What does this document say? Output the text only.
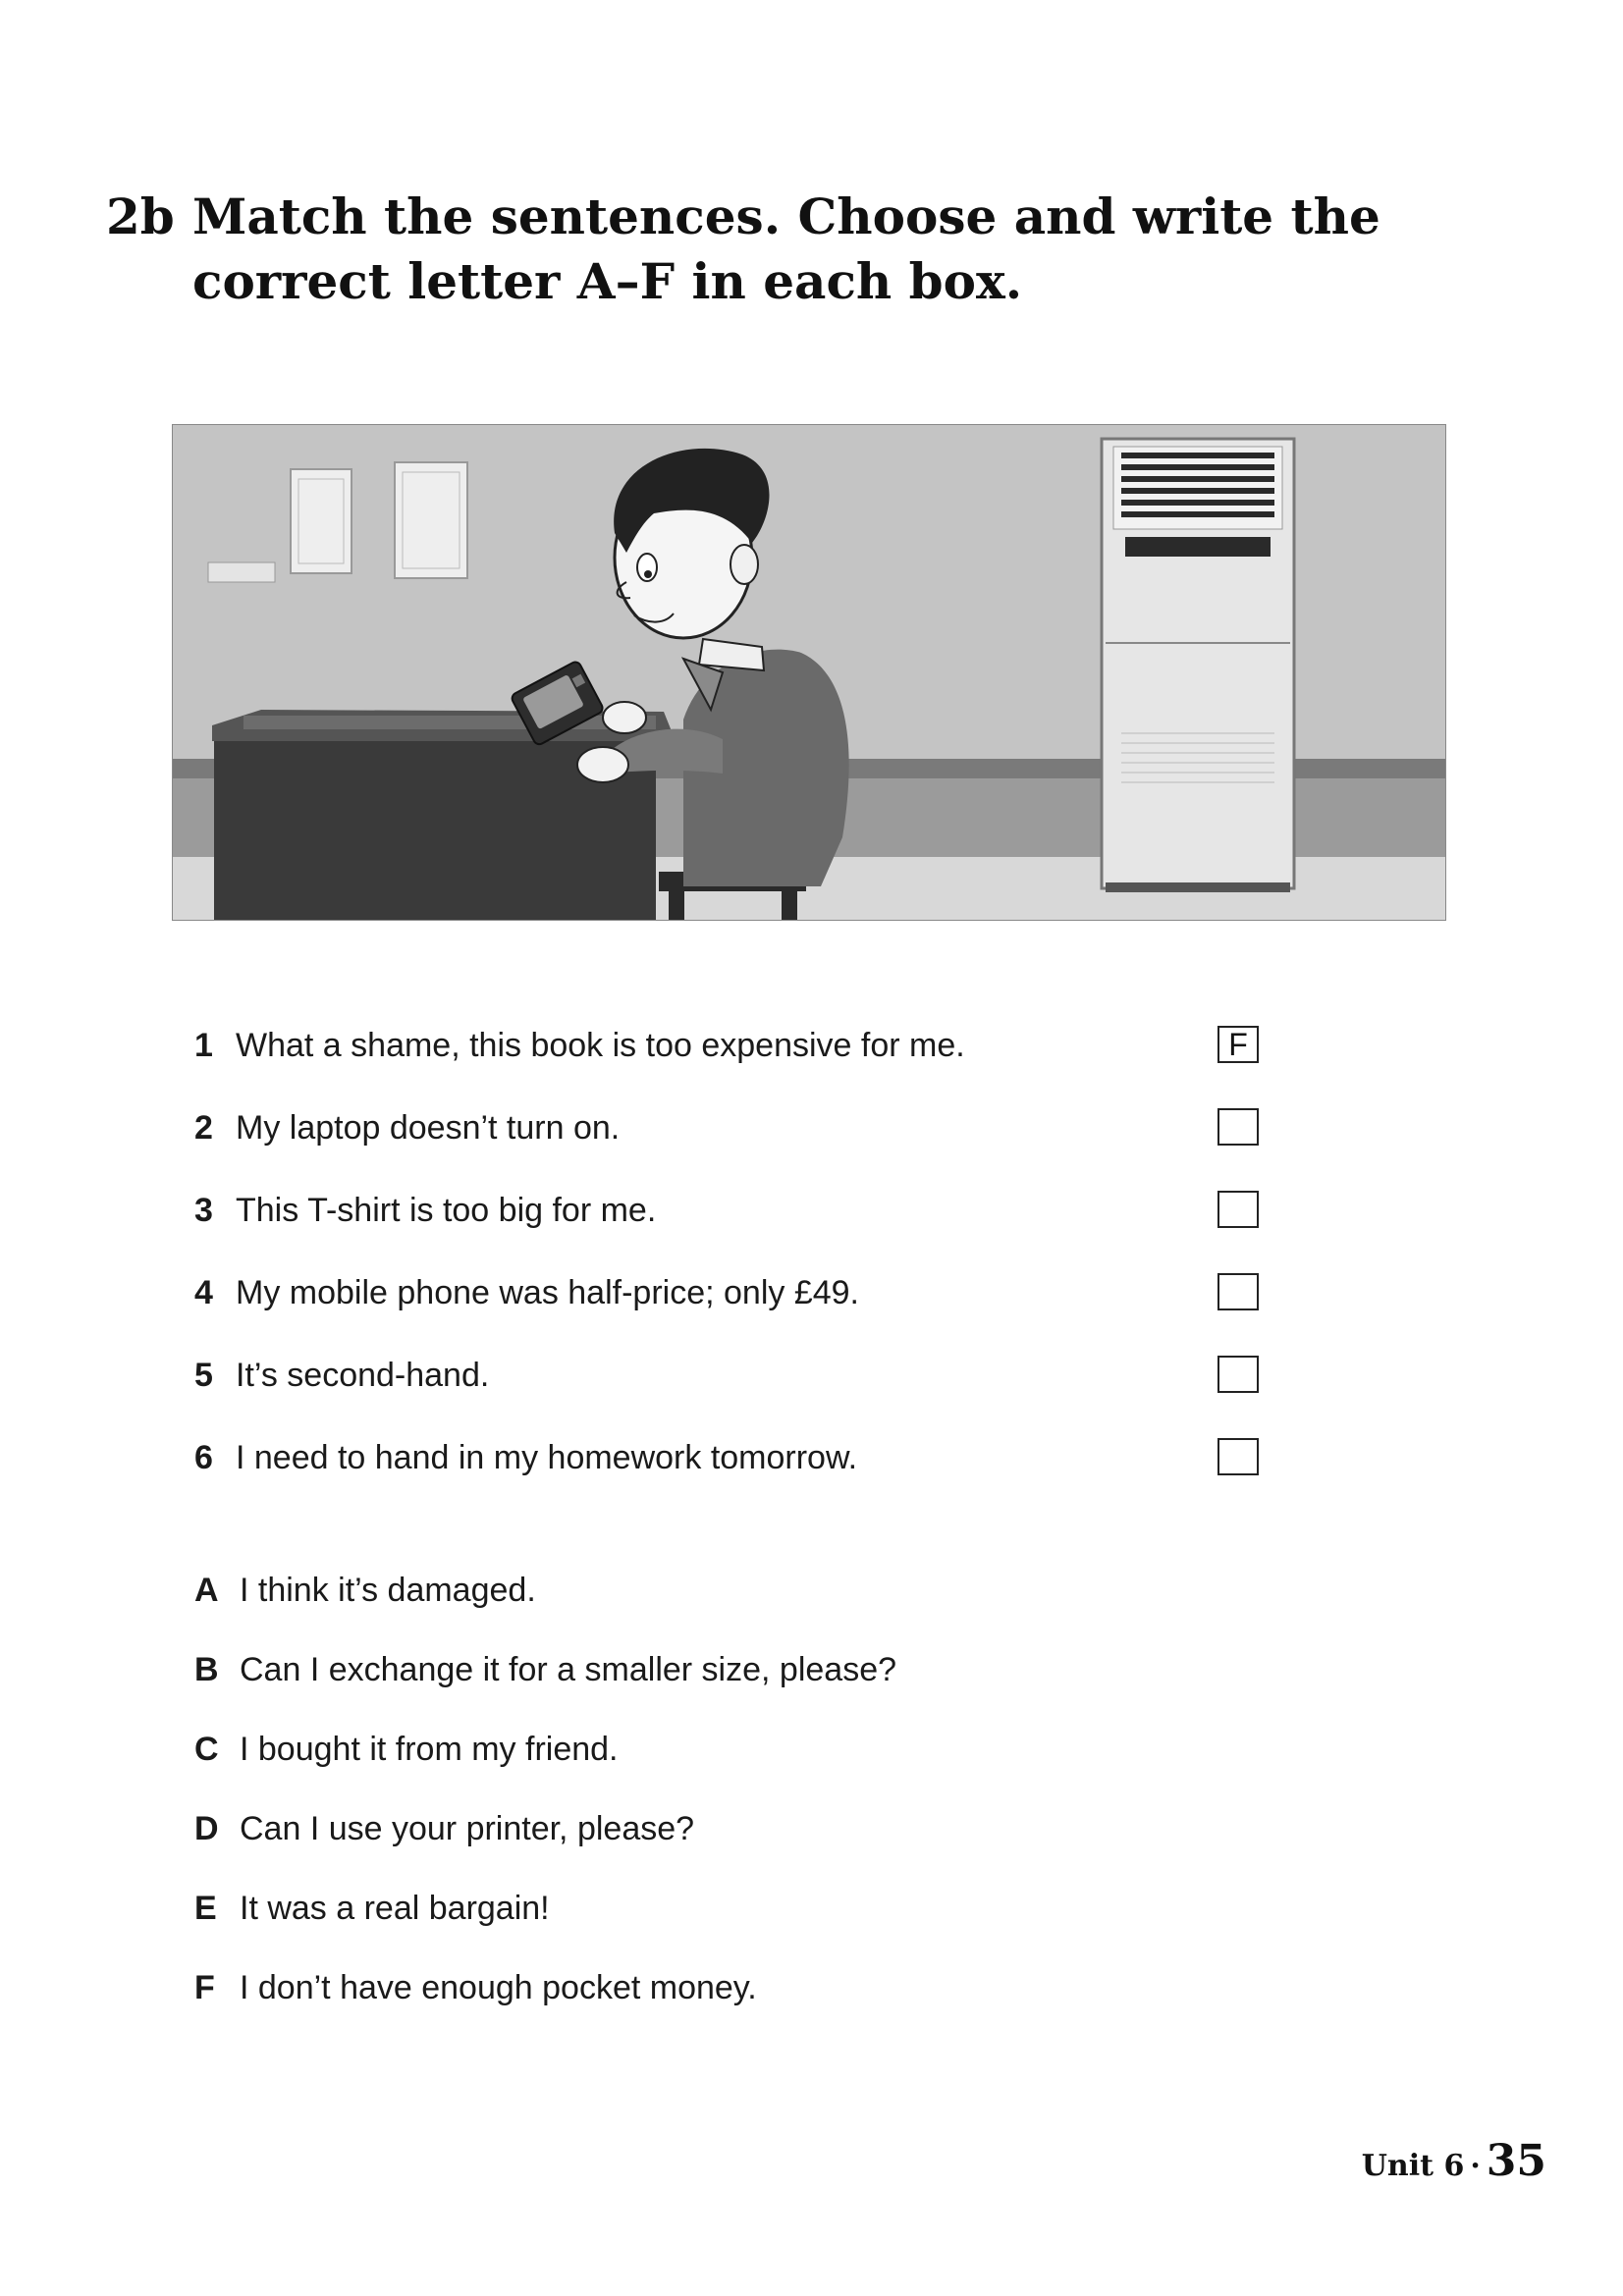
2b Match the sentences. Choose and write the correct letter A–F in each box.
1 What a shame, this book is too expensive for me.
F
2 My laptop doesn’t turn on.
3 This T-shirt is too big for me.
4 My mobile phone was half-price; only £49.
5 It’s second-hand.
6 I need to hand in my homework tomorrow.
A I think it’s damaged.
B Can I exchange it for a smaller size, please?
C I bought it from my friend.
D Can I use your printer, please?
E It was a real bargain!
F I don’t have enough pocket money.
Unit 6 · 35
